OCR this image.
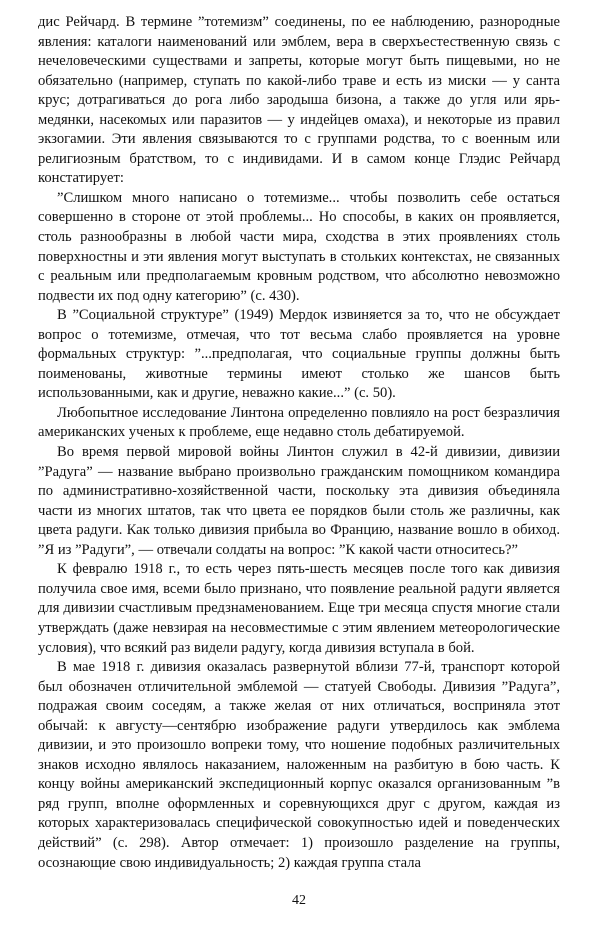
дис Рейчард. В термине ”тотемизм” соединены, по ее наблюдению, разнородные явления: каталоги наименований или эмблем, вера в сверхъестественную связь с нечеловеческими существами и запреты, которые могут быть пищевыми, но не обязательно (например, ступать по какой-либо траве и есть из миски — у санта крус; дотрагиваться до рога либо зародыша бизона, а также до угля или ярь-медянки, насекомых или паразитов — у индейцев омаха), и некоторые из правил экзогамии. Эти явления связываются то с группами родства, то с военным или религиозным братством, то с индивидами. И в самом конце Глэдис Рейчард констатирует:

”Слишком много написано о тотемизме... чтобы позволить себе остаться совершенно в стороне от этой проблемы... Но способы, в каких он проявляется, столь разнообразны в любой части мира, сходства в этих проявлениях столь поверхностны и эти явления могут выступать в стольких контекстах, не связанных с реальным или предполагаемым кровным родством, что абсолютно невозможно подвести их под одну категорию” (с. 430).

В ”Социальной структуре” (1949) Мердок извиняется за то, что не обсуждает вопрос о тотемизме, отмечая, что тот весьма слабо проявляется на уровне формальных структур: ”...предполагая, что социальные группы должны быть поименованы, животные термины имеют столько же шансов быть использованными, как и другие, неважно какие...” (с. 50).

Любопытное исследование Линтона определенно повлияло на рост безразличия американских ученых к проблеме, еще недавно столь дебатируемой.

Во время первой мировой войны Линтон служил в 42-й дивизии, дивизии ”Радуга” — название выбрано произвольно гражданским помощником командира по административно-хозяйственной части, поскольку эта дивизия объединяла части из многих штатов, так что цвета ее порядков были столь же различны, как цвета радуги. Как только дивизия прибыла во Францию, название вошло в обиход. ”Я из ”Радуги”, — отвечали солдаты на вопрос: ”К какой части относитесь?”

К февралю 1918 г., то есть через пять-шесть месяцев после того как дивизия получила свое имя, всеми было признано, что появление реальной радуги является для дивизии счастливым предзнаменованием. Еще три месяца спустя многие стали утверждать (даже невзирая на несовместимые с этим явлением метеорологические условия), что всякий раз видели радугу, когда дивизия вступала в бой.

В мае 1918 г. дивизия оказалась развернутой вблизи 77-й, транспорт которой был обозначен отличительной эмблемой — статуей Свободы. Дивизия ”Радуга”, подражая своим соседям, а также желая от них отличаться, восприняла этот обычай: к августу—сентябрю изображение радуги утвердилось как эмблема дивизии, и это произошло вопреки тому, что ношение подобных различительных знаков исходно являлось наказанием, наложенным на разбитую в бою часть. К концу войны американский экспедиционный корпус оказался организованным ”в ряд групп, вполне оформленных и соревнующихся друг с другом, каждая из которых характеризовалась специфической совокупностью идей и поведенческих действий” (с. 298). Автор отмечает: 1) произошло разделение на группы, осознающие свою индивидуальность; 2) каждая группа стала

42
